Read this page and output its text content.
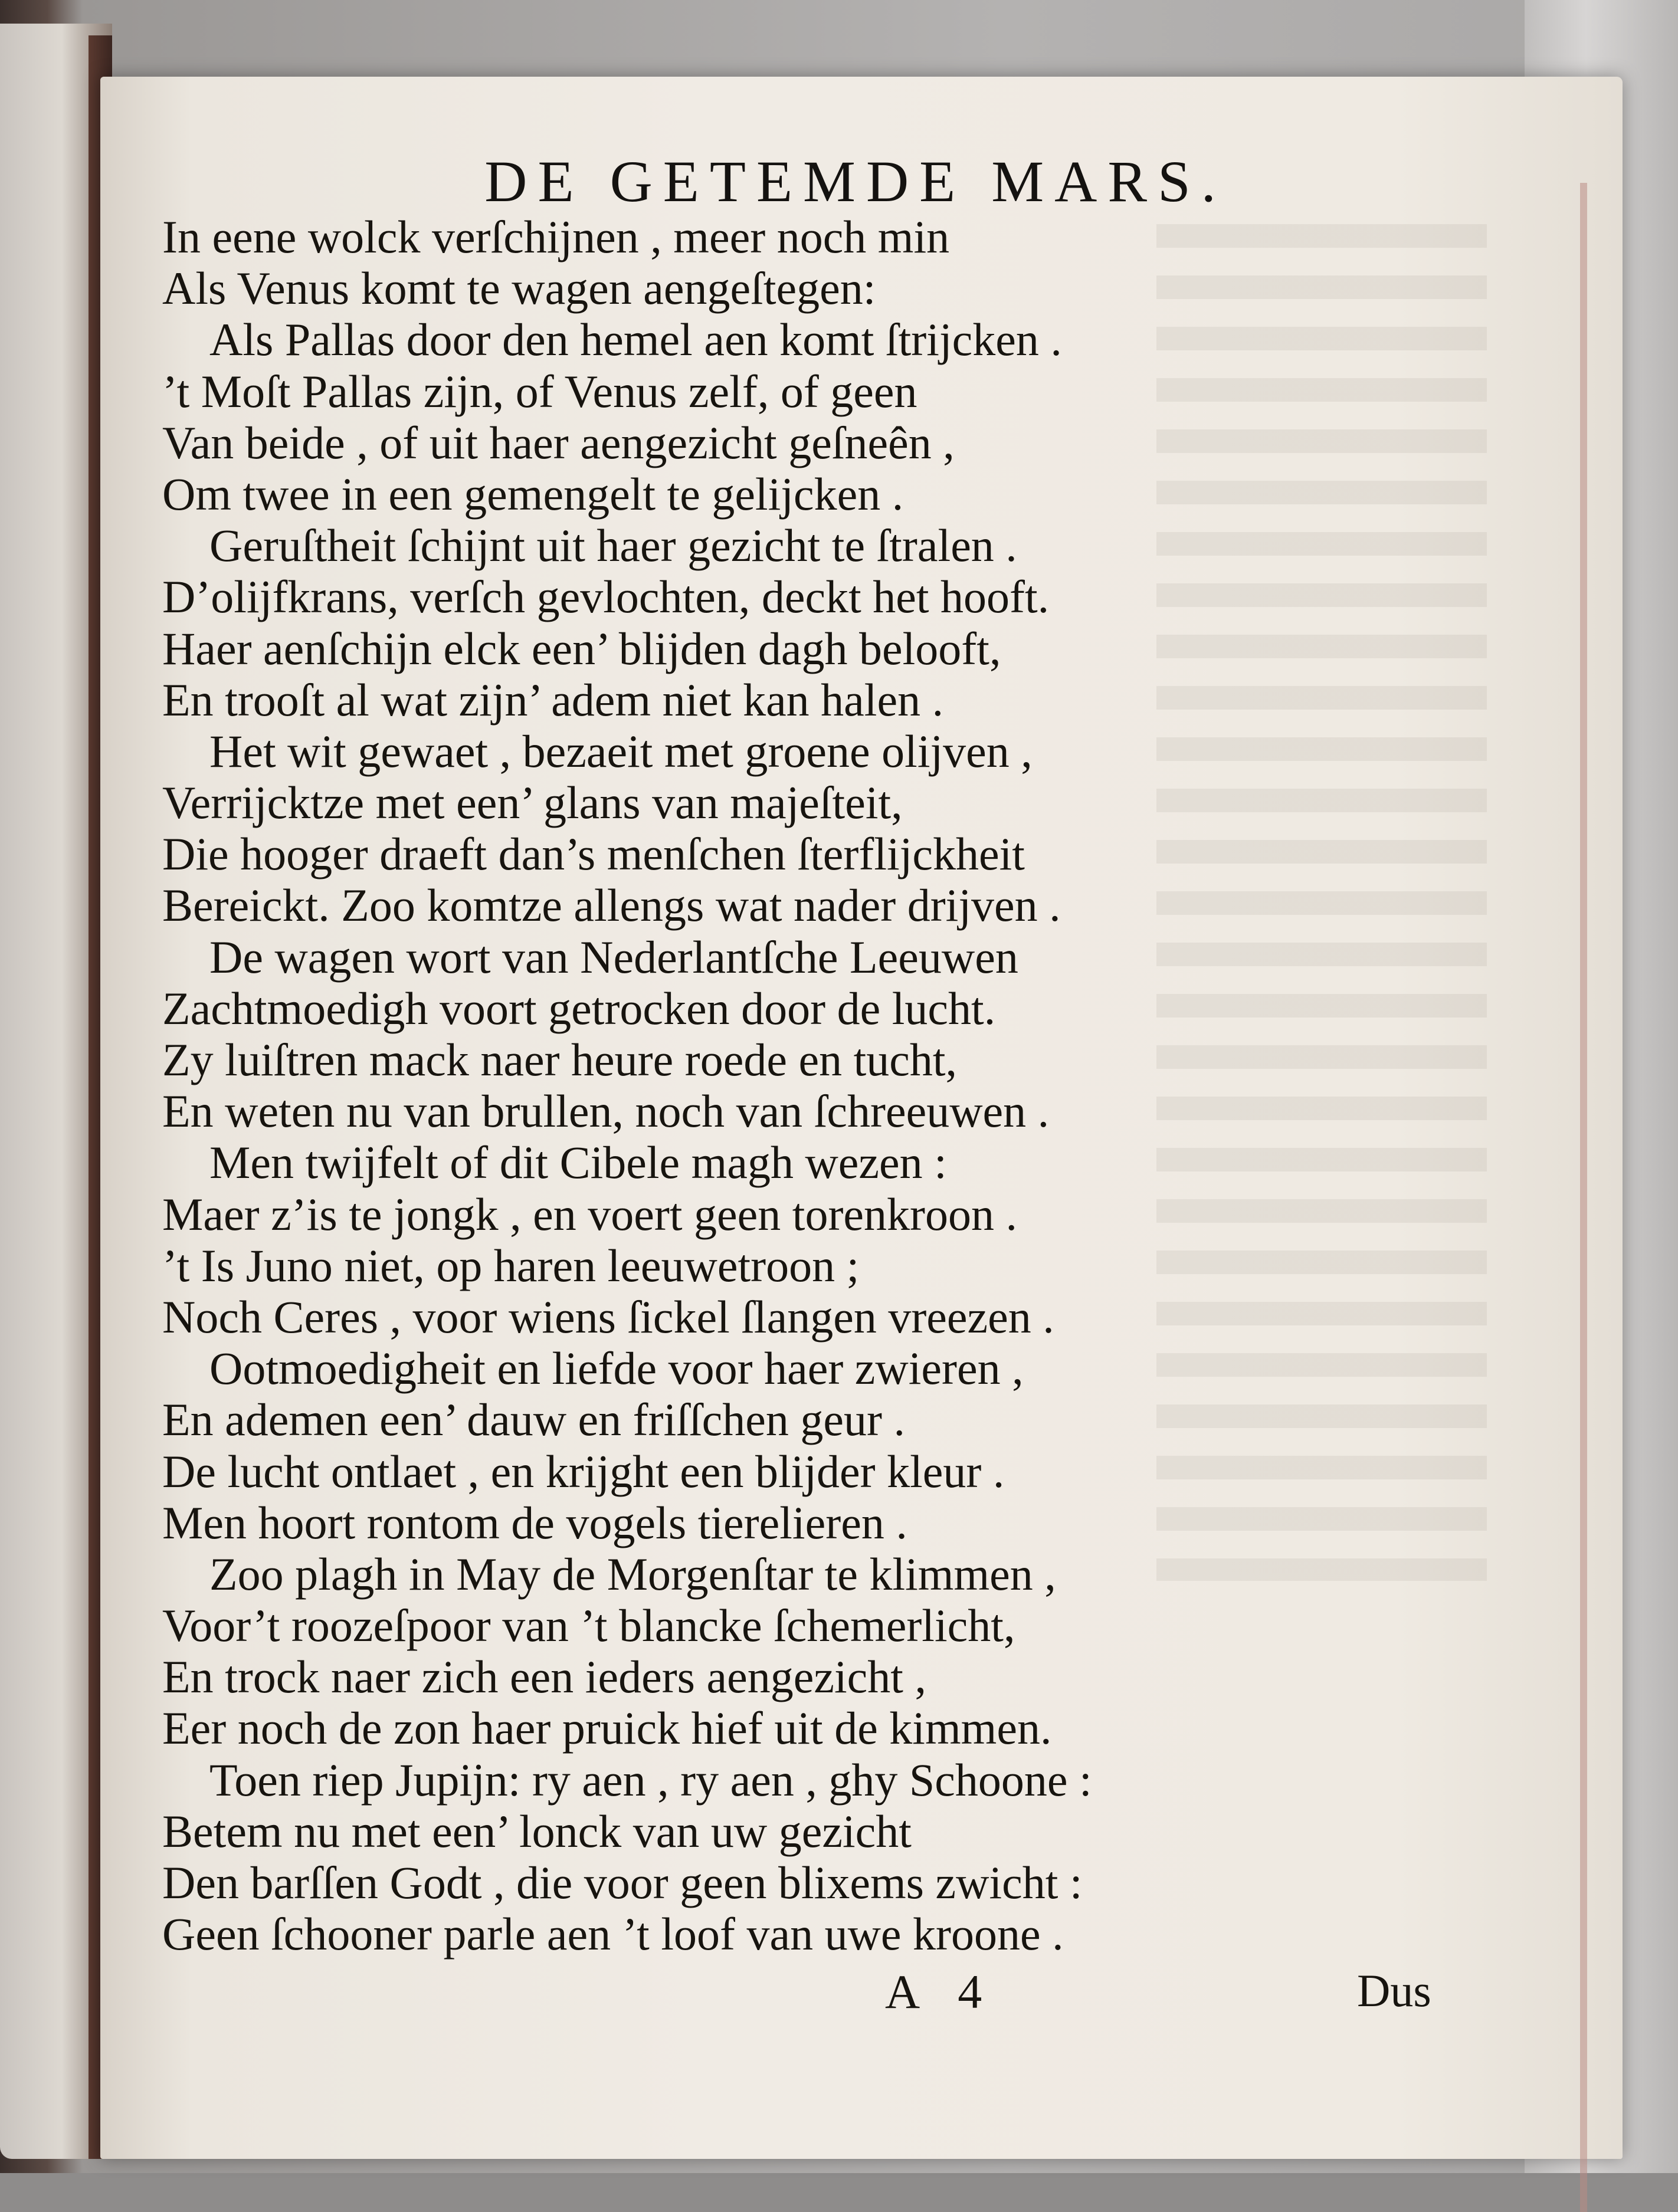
DE GETEMDE MARS.
In eene wolck verſchijnen , meer noch min
Als Venus komt te wagen aengeſtegen:
Als Pallas door den hemel aen komt ſtrijcken .
’t Moſt Pallas zijn, of Venus zelf, of geen
Van beide , of uit haer aengezicht geſneên ,
Om twee in een gemengelt te gelijcken .
Geruſtheit ſchijnt uit haer gezicht te ſtralen .
D’olijfkrans, verſch gevlochten, deckt het hooft.
Haer aenſchijn elck een’ blijden dagh belooft,
En trooſt al wat zijn’ adem niet kan halen .
Het wit gewaet , bezaeit met groene olijven ,
Verrijcktze met een’ glans van majeſteit,
Die hooger draeft dan’s menſchen ſterflijckheit
Bereickt. Zoo komtze allengs wat nader drijven .
De wagen wort van Nederlantſche Leeuwen
Zachtmoedigh voort getrocken door de lucht.
Zy luiſtren mack naer heure roede en tucht,
En weten nu van brullen, noch van ſchreeuwen .
Men twijfelt of dit Cibele magh wezen :
Maer z’is te jongk , en voert geen torenkroon .
’t Is Juno niet, op haren leeuwetroon ;
Noch Ceres , voor wiens ſickel ſlangen vreezen .
Ootmoedigheit en liefde voor haer zwieren ,
En ademen een’ dauw en friſſchen geur .
De lucht ontlaet , en krijght een blijder kleur .
Men hoort rontom de vogels tierelieren .
Zoo plagh in May de Morgenſtar te klimmen ,
Voor’t roozeſpoor van ’t blancke ſchemerlicht,
En trock naer zich een ieders aengezicht ,
Eer noch de zon haer pruick hief uit de kimmen.
Toen riep Jupijn: ry aen , ry aen , ghy Schoone :
Betem nu met een’ lonck van uw gezicht
Den barſſen Godt , die voor geen blixems zwicht :
Geen ſchooner parle aen ’t loof van uwe kroone .
A 4	Dus
